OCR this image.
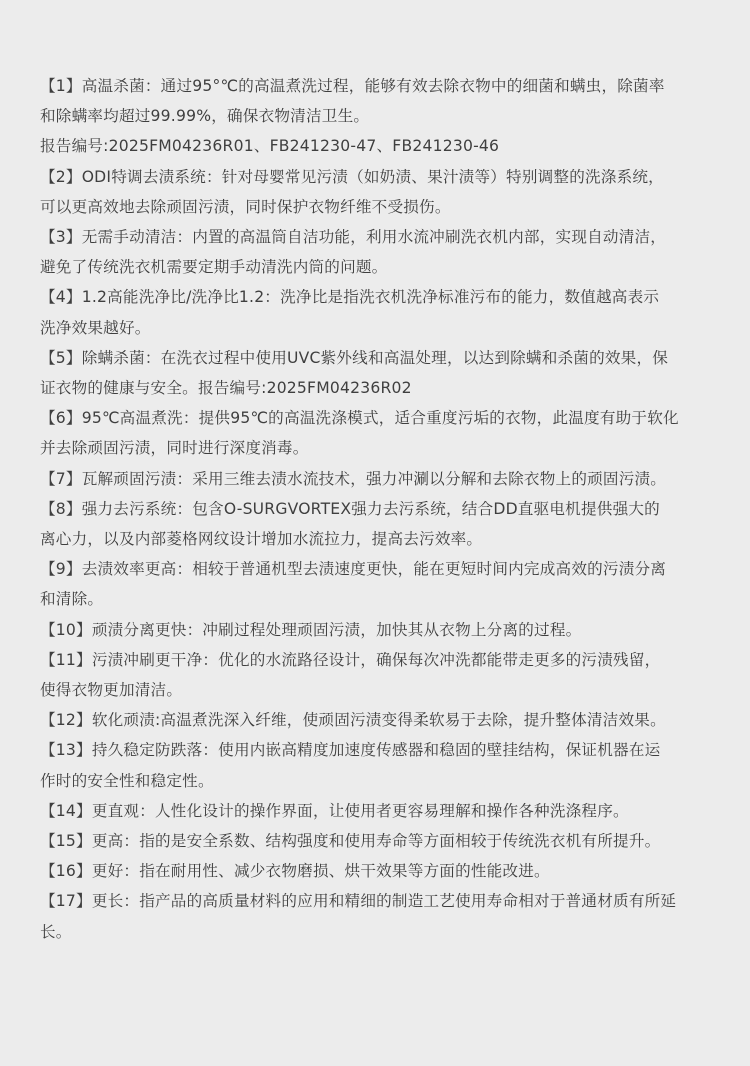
【1】高温杀菌：通过95°℃的高温煮洗过程，能够有效去除衣物中的细菌和螨虫，除菌率
和除螨率均超过99.99%，确保衣物清洁卫生。

报告编号:2025FM04236R01、FB241230-47、FB241230-46

【2】ODI特调去渍系统：针对母婴常见污渍（如奶渍、果汁渍等）特别调整的洗涤系统，
可以更高效地去除顽固污渍，同时保护衣物纤维不受损伤。

【3】无需手动清洁：内置的高温筒自洁功能，利用水流冲刷洗衣机内部，实现自动清洁，
避免了传统洗衣机需要定期手动清洗内筒的问题。

【4】1.2高能洗净比/洗净比1.2：洗净比是指洗衣机洗净标准污布的能力，数值越高表示
洗净效果越好。

【5】除螨杀菌：在洗衣过程中使用UVC紫外线和高温处理，以达到除螨和杀菌的效果，保
证衣物的健康与安全。报告编号:2025FM04236R02

【6】95℃高温煮洗：提供95℃的高温洗涤模式，适合重度污垢的衣物，此温度有助于软化
并去除顽固污渍，同时进行深度消毒。

【7】瓦解顽固污渍：采用三维去渍水流技术，强力冲涮以分解和去除衣物上的顽固污渍。

【8】强力去污系统：包含O-SURGVORTEX强力去污系统，结合DD直驱电机提供强大的
离心力，以及内部菱格网纹设计增加水流拉力，提高去污效率。

【9】去渍效率更高：相较于普通机型去渍速度更快，能在更短时间内完成高效的污渍分离
和清除。

【10】顽渍分离更快：冲刷过程处理顽固污渍，加快其从衣物上分离的过程。

【11】污渍冲刷更干净：优化的水流路径设计，确保每次冲洗都能带走更多的污渍残留，
使得衣物更加清洁。

【12】软化顽渍:高温煮洗深入纤维，使顽固污渍变得柔软易于去除，提升整体清洁效果。

【13】持久稳定防跌落：使用内嵌高精度加速度传感器和稳固的壁挂结构，保证机器在运
作时的安全性和稳定性。

【14】更直观：人性化设计的操作界面，让使用者更容易理解和操作各种洗涤程序。

【15】更高：指的是安全系数、结构强度和使用寿命等方面相较于传统洗衣机有所提升。

【16】更好：指在耐用性、减少衣物磨损、烘干效果等方面的性能改进。

【17】更长：指产品的高质量材料的应用和精细的制造工艺使用寿命相对于普通材质有所延
长。
